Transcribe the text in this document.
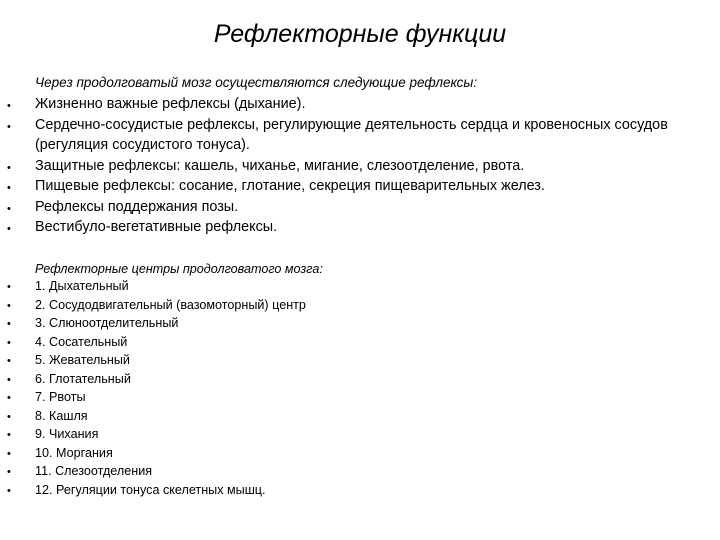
Рефлекторные функции
Через продолговатый мозг осуществляются следующие рефлексы:
• Жизненно важные рефлексы (дыхание).
• Сердечно-сосудистые рефлексы, регулирующие деятельность сердца и кровеносных сосудов (регуляция сосудистого тонуса).
• Защитные рефлексы: кашель, чиханье, мигание, слезоотделение, рвота.
• Пищевые рефлексы: сосание, глотание, секреция пищеварительных желез.
• Рефлексы поддержания позы.
• Вестибуло-вегетативные рефлексы.
Рефлекторные центры продолговатого мозга:
• 1. Дыхательный
• 2. Сосудодвигательный (вазомоторный) центр
• 3. Слюноотделительный
• 4. Сосательный
• 5. Жевательный
• 6. Глотательный
• 7. Рвоты
• 8. Кашля
• 9. Чихания
• 10. Моргания
• 11. Слезоотделения
• 12. Регуляции тонуса скелетных мышц.
